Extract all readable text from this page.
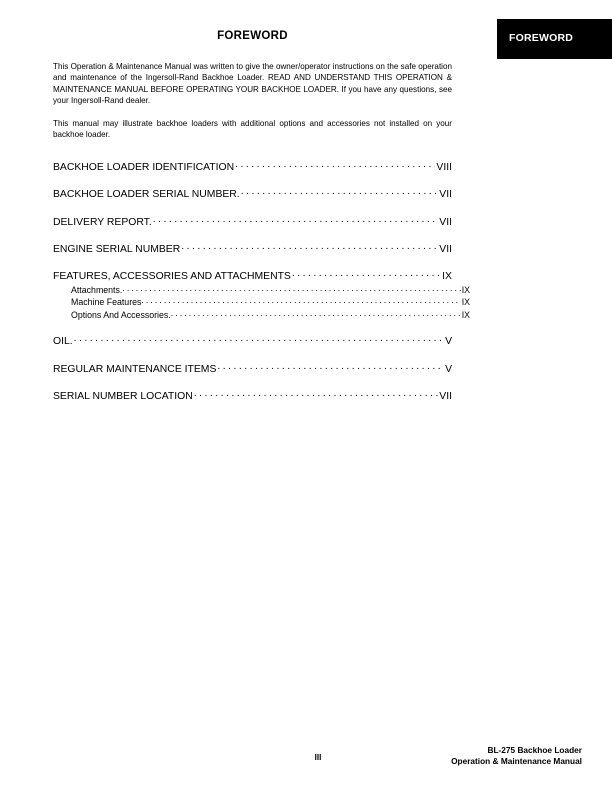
FOREWORD
FOREWORD

This Operation & Maintenance Manual was written to give the owner/operator instructions on the safe operation and maintenance of the Ingersoll-Rand Backhoe Loader. READ AND UNDERSTAND THIS OPERATION & MAINTENANCE MANUAL BEFORE OPERATING YOUR BACKHOE LOADER. If you have any questions, see your Ingersoll-Rand dealer.

This manual may illustrate backhoe loaders with additional options and accessories not installed on your backhoe loader.

BACKHOE LOADER IDENTIFICATION . . .	VIII
BACKHOE LOADER SERIAL NUMBER. . . .	VII
DELIVERY REPORT. . . .	VII
ENGINE SERIAL NUMBER . . .	VII
FEATURES, ACCESSORIES AND ATTACHMENTS . . .	IX
Attachments. . . .	IX
Machine Features . . .	IX
Options And Accessories. . . .	IX
OIL. . . .	V
REGULAR MAINTENANCE ITEMS . . .	V
SERIAL NUMBER LOCATION . . .	VII
III
BL-275 Backhoe Loader
Operation & Maintenance Manual
